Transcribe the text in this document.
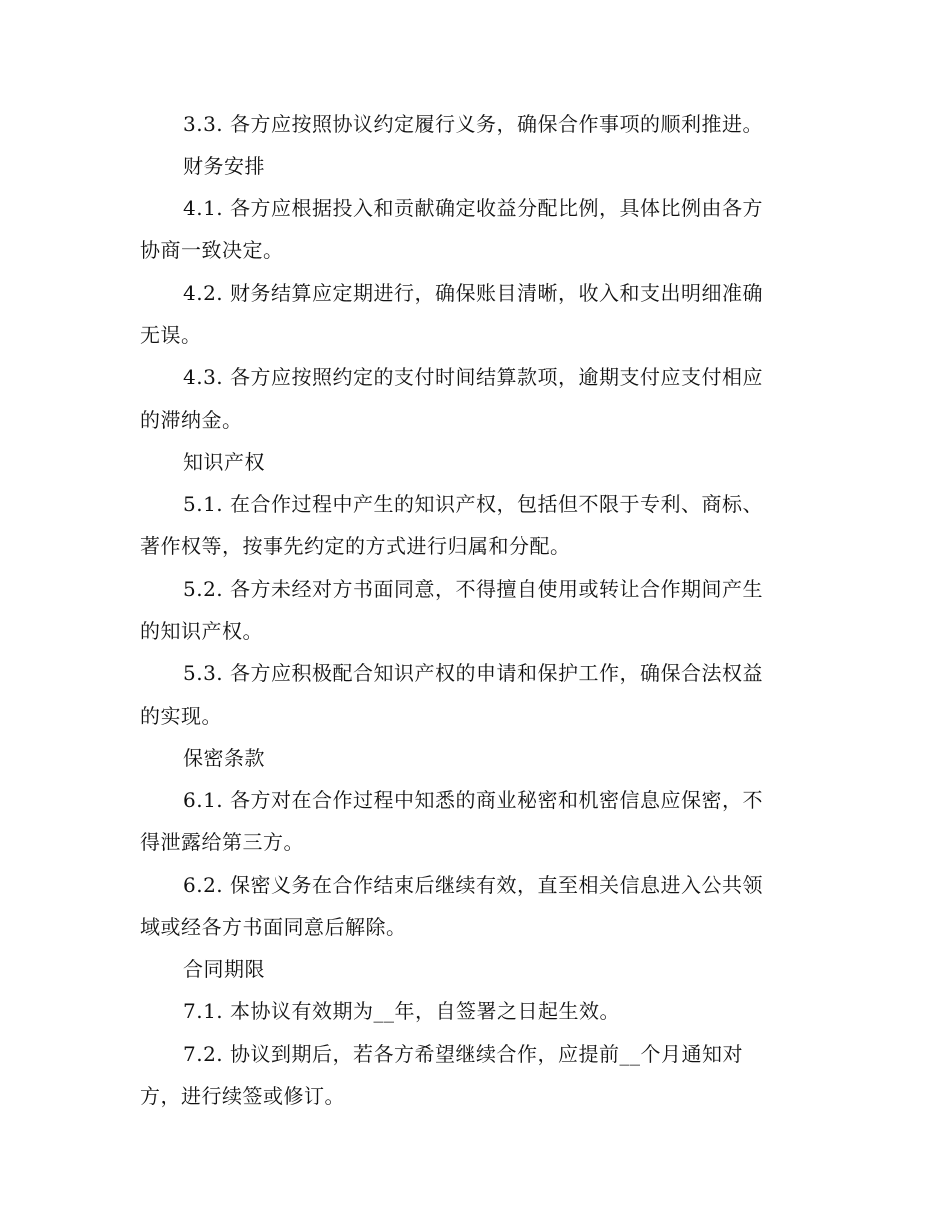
3.3. 各方应按照协议约定履行义务，确保合作事项的顺利推进。
财务安排
4.1. 各方应根据投入和贡献确定收益分配比例，具体比例由各方
协商一致决定。
4.2. 财务结算应定期进行，确保账目清晰，收入和支出明细准确
无误。
4.3. 各方应按照约定的支付时间结算款项，逾期支付应支付相应
的滞纳金。
知识产权
5.1. 在合作过程中产生的知识产权，包括但不限于专利、商标、
著作权等，按事先约定的方式进行归属和分配。
5.2. 各方未经对方书面同意，不得擅自使用或转让合作期间产生
的知识产权。
5.3. 各方应积极配合知识产权的申请和保护工作，确保合法权益
的实现。
保密条款
6.1. 各方对在合作过程中知悉的商业秘密和机密信息应保密，不
得泄露给第三方。
6.2. 保密义务在合作结束后继续有效，直至相关信息进入公共领
域或经各方书面同意后解除。
合同期限
7.1. 本协议有效期为__年，自签署之日起生效。
7.2. 协议到期后，若各方希望继续合作，应提前__个月通知对
方，进行续签或修订。
